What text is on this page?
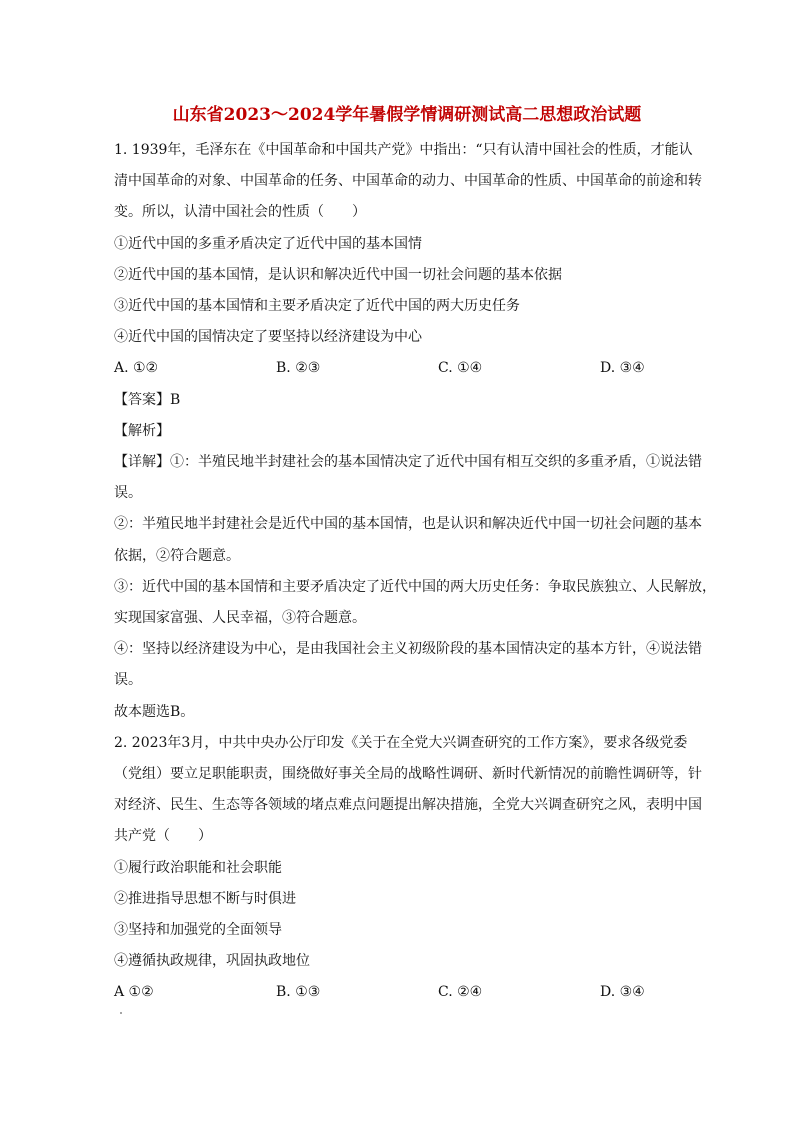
山东省2023～2024学年暑假学情调研测试高二思想政治试题
1. 1939年，毛泽东在《中国革命和中国共产党》中指出：“只有认清中国社会的性质，才能认
清中国革命的对象、中国革命的任务、中国革命的动力、中国革命的性质、中国革命的前途和转
变。所以，认清中国社会的性质（　　）
①近代中国的多重矛盾决定了近代中国的基本国情
②近代中国的基本国情，是认识和解决近代中国一切社会问题的基本依据
③近代中国的基本国情和主要矛盾决定了近代中国的两大历史任务
④近代中国的国情决定了要坚持以经济建设为中心
A. ①②	B. ②③	C. ①④	D. ③④
【答案】B
【解析】
【详解】①：半殖民地半封建社会的基本国情决定了近代中国有相互交织的多重矛盾，①说法错
误。
②：半殖民地半封建社会是近代中国的基本国情，也是认识和解决近代中国一切社会问题的基本
依据，②符合题意。
③：近代中国的基本国情和主要矛盾决定了近代中国的两大历史任务：争取民族独立、人民解放，
实现国家富强、人民幸福，③符合题意。
④：坚持以经济建设为中心，是由我国社会主义初级阶段的基本国情决定的基本方针，④说法错
误。
故本题选B。
2. 2023年3月，中共中央办公厅印发《关于在全党大兴调查研究的工作方案》，要求各级党委
（党组）要立足职能职责，围绕做好事关全局的战略性调研、新时代新情况的前瞻性调研等，针
对经济、民生、生态等各领域的堵点难点问题提出解决措施，全党大兴调查研究之风，表明中国
共产党（　　）
①履行政治职能和社会职能
②推进指导思想不断与时俱进
③坚持和加强党的全面领导
④遵循执政规律，巩固执政地位
A ①②	B. ①③	C. ②④	D. ③④
